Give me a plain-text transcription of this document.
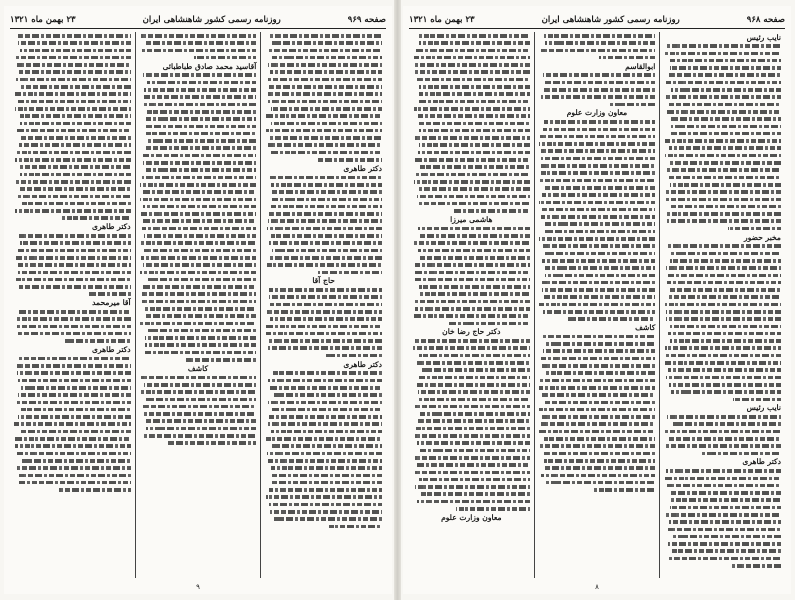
صفحه ۹۶۹
روزنامه رسمی کشور شاهنشاهی ایران
۲۳ بهمن ماه ۱۳۲۱
دکتر طاهری
حاج آقا
دکتر طاهری
آقاسید محمد صادق طباطبائی
کاشف
دکتر طاهری
آقا میرمحمد
دکتر طاهری
۹
صفحه ۹۶۸
روزنامه رسمی کشور شاهنشاهی ایران
۲۳ بهمن ماه ۱۳۲۱
نایب رئیس
مخبر حضور
نایب رئیس
دکتر طاهری
ابوالقاسم
معاون وزارت علوم
کاشف
هاشمی میرزا
دکتر حاج رضا خان
معاون وزارت علوم
۸
